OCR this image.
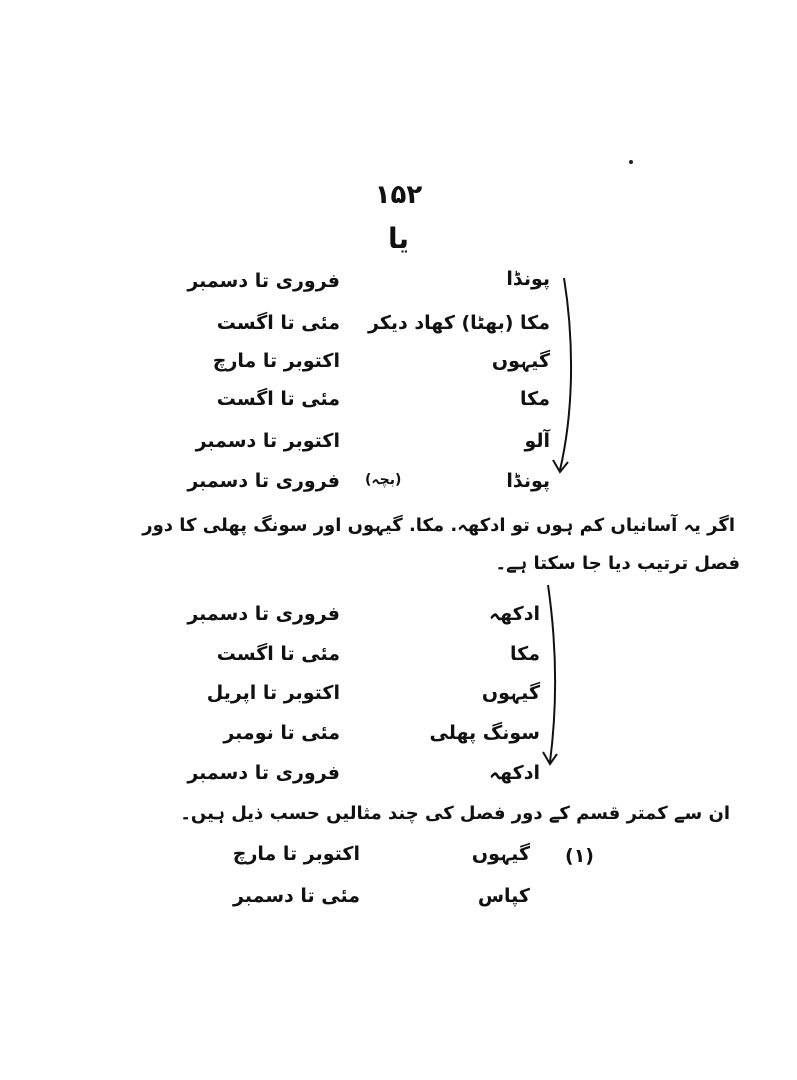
۱۵۲
یا
پونڈا
فروری تا دسمبر
مکا (بھٹا) کھاد دیکر
مئی تا اگست
گیہوں
اکتوبر تا مارچ
مکا
مئی تا اگست
آلو
اکتوبر تا دسمبر
پونڈا
فروری تا دسمبر (بچہ)
اگر یہ آسانیاں کم ہوں تو ادکھہ. مکا. گیہوں اور سونگ پھلی کا دور
فصل ترتیب دیا جا سکتا ہے۔
ادکھہ
فروری تا دسمبر
مکا
مئی تا اگست
گیہوں
اکتوبر تا اپریل
سونگ پھلی
مئی تا نومبر
ادکھہ
فروری تا دسمبر
ان سے کمتر قسم کے دور فصل کی چند مثالیں حسب ذیل ہیں۔
(۱)
گیہوں
اکتوبر تا مارچ
کپاس
مئی تا دسمبر
